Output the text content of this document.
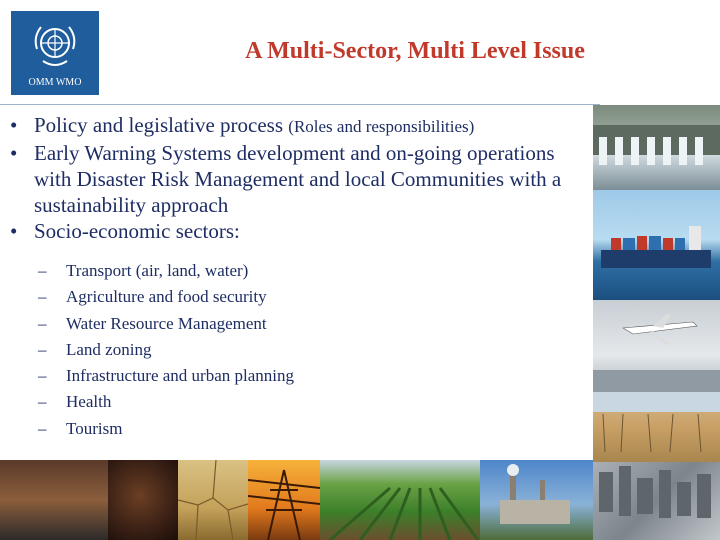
OMM WMO
A Multi-Sector, Multi Level Issue
• Policy and legislative process (Roles and responsibilities)
• Early Warning Systems development and on-going operations with Disaster Risk Management and local Communities with a sustainability approach
• Socio-economic sectors:
– Transport (air, land, water)
– Agriculture and food security
– Water Resource Management
– Land zoning
– Infrastructure and urban planning
– Health
– Tourism
